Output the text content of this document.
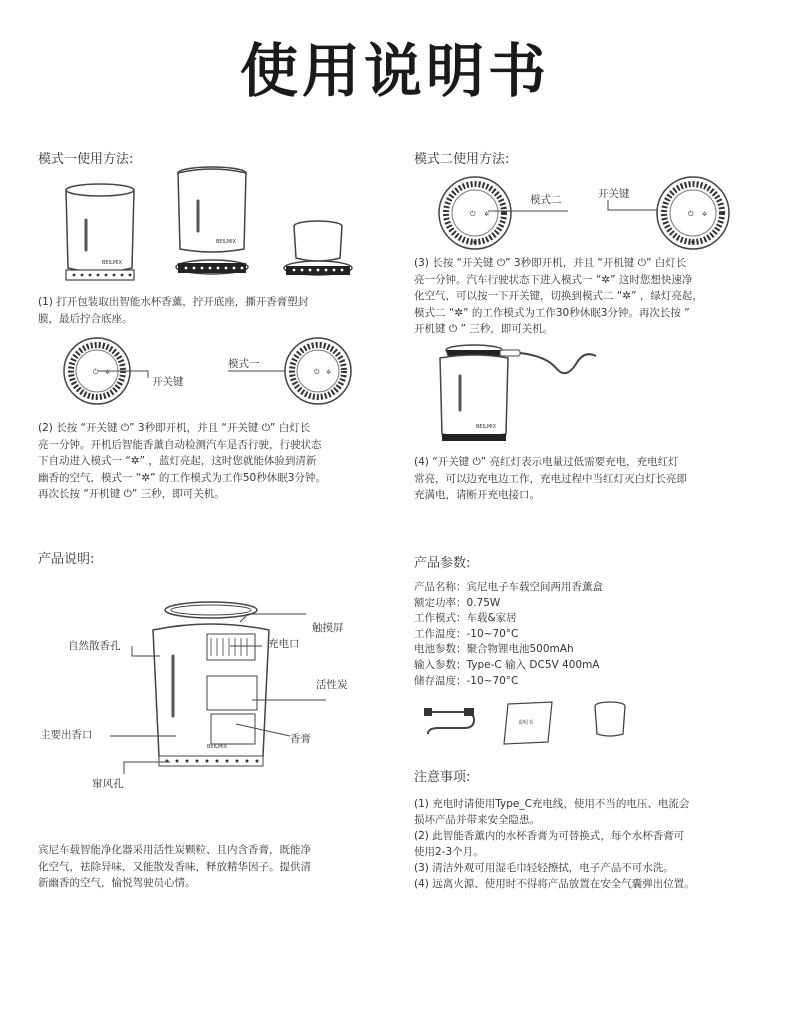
使用说明书
模式一使用方法:
BEILMIX
BEILMIX
(1) 打开包装取出智能水杯香薰，拧开底座，撕开香膏塑封
膜，最后拧合底座。
⏻ ✲
开关键
模式一
⏻ ✲
(2) 长按 “开关键 ⏻” 3秒即开机，并且 “开关键 ⏻” 白灯长
亮一分钟。开机后智能香薰自动检测汽车是否行驶，行驶状态
下自动进入模式一 “✲” ，蓝灯亮起，这时您就能体验到清新
幽香的空气，模式一 “✲” 的工作模式为工作50秒休眠3分钟。
再次长按 “开机键 ⏻” 三秒，即可关机。
模式二使用方法:
⏻ ✲
模式二	开关键
⏻ ✲
(3) 长按 “开关键 ⏻” 3秒即开机，并且 “开机键 ⏻” 白灯长
亮一分钟。汽车行驶状态下进入模式一 “✲” 这时您想快速净
化空气，可以按一下开关键，切换到模式二 “✲” ，绿灯亮起，
模式二 “✲” 的工作模式为工作30秒休眠3分钟。再次长按 ”
开机键 ⏻ ” 三秒，即可关机。
BEILMIX
(4) “开关键 ⏻” 亮红灯表示电量过低需要充电，充电红灯
常亮，可以边充电边工作，充电过程中当红灯灭白灯长亮即
充满电，请断开充电接口。
产品说明:
BEILMIX
自然散香孔
触摸屏
充电口
活性炭
主要出香口	香膏
窜风孔
宾尼车载智能净化器采用活性炭颗粒、且内含香膏，既能净
化空气，祛除异味，又能散发香味，释放精华因子。提供清
新幽香的空气，愉悦驾驶员心情。
产品参数:
产品名称：宾尼电子车载空间两用香薰盒
额定功率：0.75W
工作模式：车载&家居
工作温度：-10~70°C
电池参数：聚合物锂电池500mAh
输入参数：Type-C 输入 DC5V 400mA
储存温度：-10~70°C
说明书
注意事项:
(1) 充电时请使用Type_C充电线，使用不当的电压、电流会
损坏产品并带来安全隐患。
(2) 此智能香薰内的水杯香膏为可替换式，每个水杯香膏可
使用2-3个月。
(3) 清洁外观可用湿毛巾轻轻擦拭，电子产品不可水洗。
(4) 远离火源、使用时不得将产品放置在安全气囊弹出位置。
